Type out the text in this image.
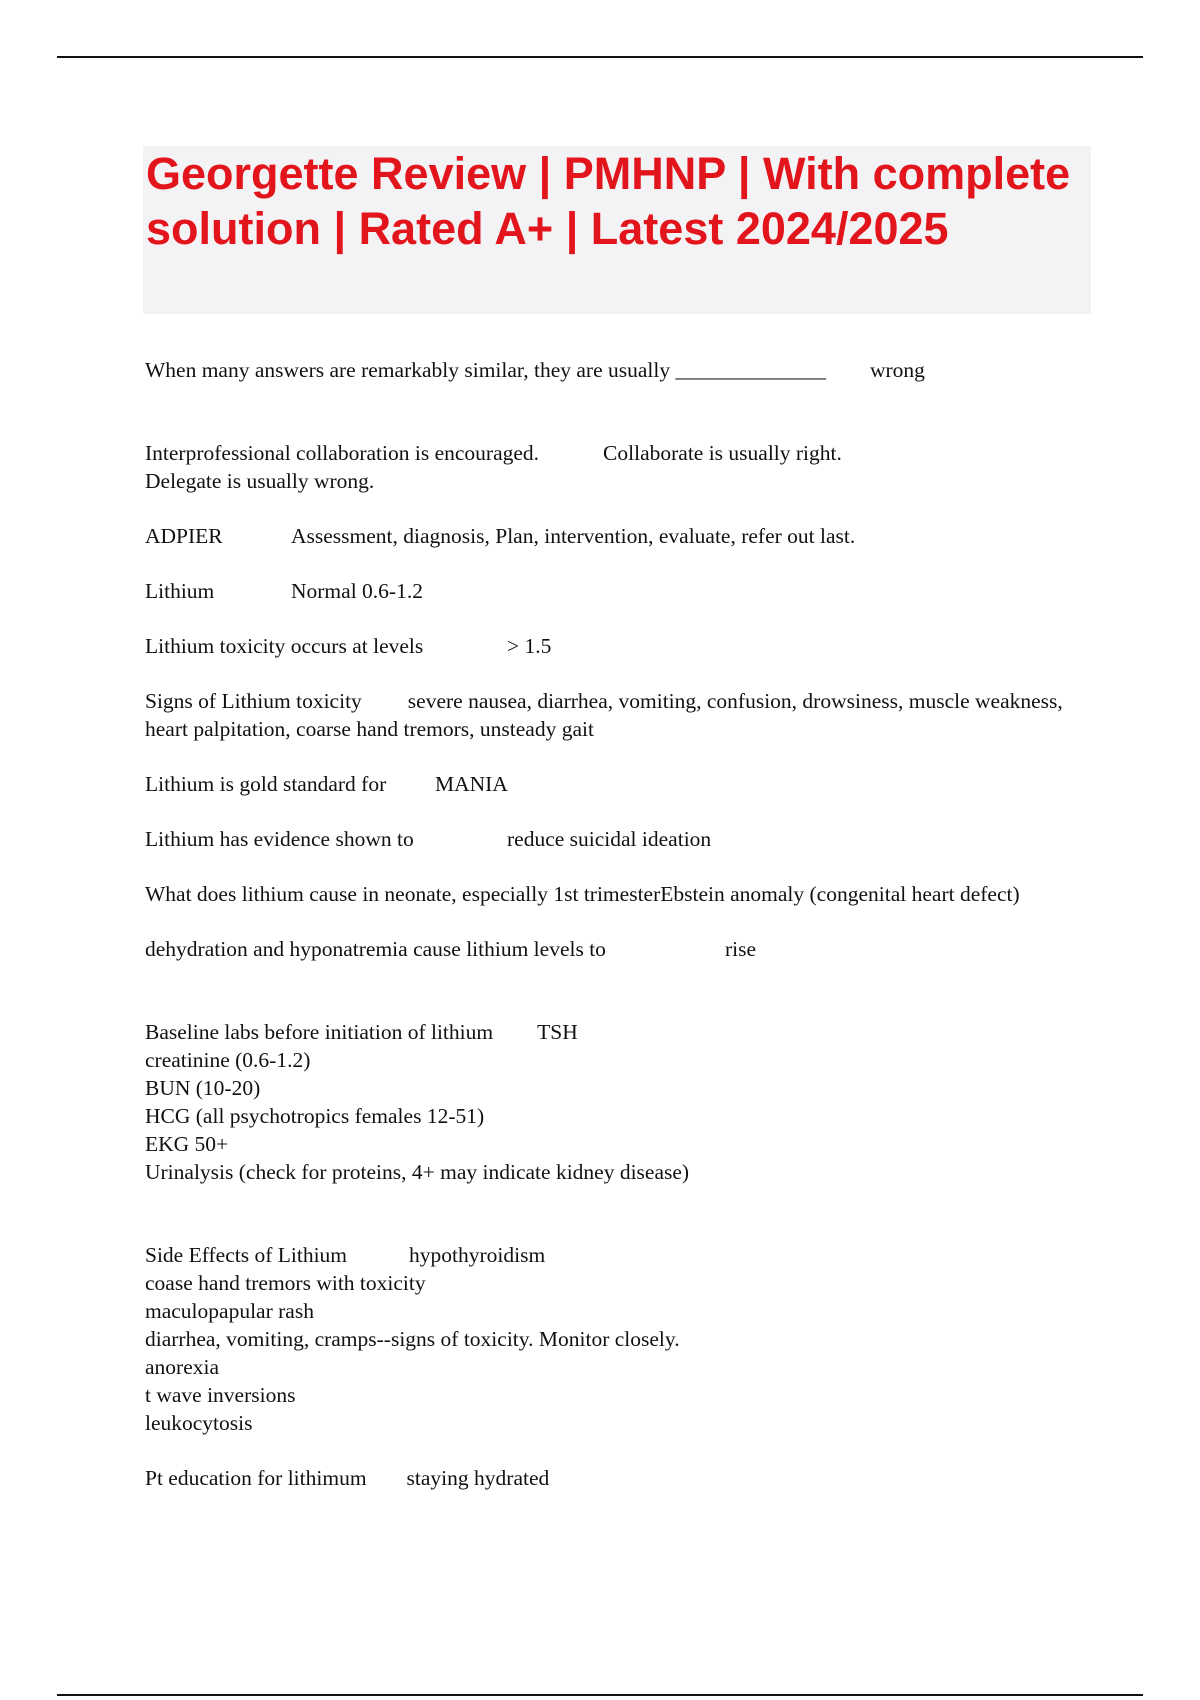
Georgette Review | PMHNP | With complete solution | Rated A+ | Latest 2024/2025
When many answers are remarkably similar, they are usually ______________ wrong

Interprofessional collaboration is encouraged.	Collaborate is usually right.
Delegate is usually wrong.

ADPIER	Assessment, diagnosis, Plan, intervention, evaluate, refer out last.
Lithium	Normal 0.6-1.2
Lithium toxicity occurs at levels	> 1.5
Signs of Lithium toxicity severe nausea, diarrhea, vomiting, confusion, drowsiness, muscle weakness, heart palpitation, coarse hand tremors, unsteady gait
Lithium is gold standard for MANIA
Lithium has evidence shown to	reduce suicidal ideation
What does lithium cause in neonate, especially 1st trimesterEbstein anomaly (congenital heart defect)
dehydration and hyponatremia cause lithium levels to	rise

Baseline labs before initiation of lithium TSH
creatinine (0.6-1.2)
BUN (10-20)
HCG (all psychotropics females 12-51)
EKG 50+
Urinalysis (check for proteins, 4+ may indicate kidney disease)

Side Effects of Lithium	hypothyroidism
coase hand tremors with toxicity
maculopapular rash
diarrhea, vomiting, cramps--signs of toxicity. Monitor closely.
anorexia
t wave inversions
leukocytosis

Pt education for lithimum staying hydrated
